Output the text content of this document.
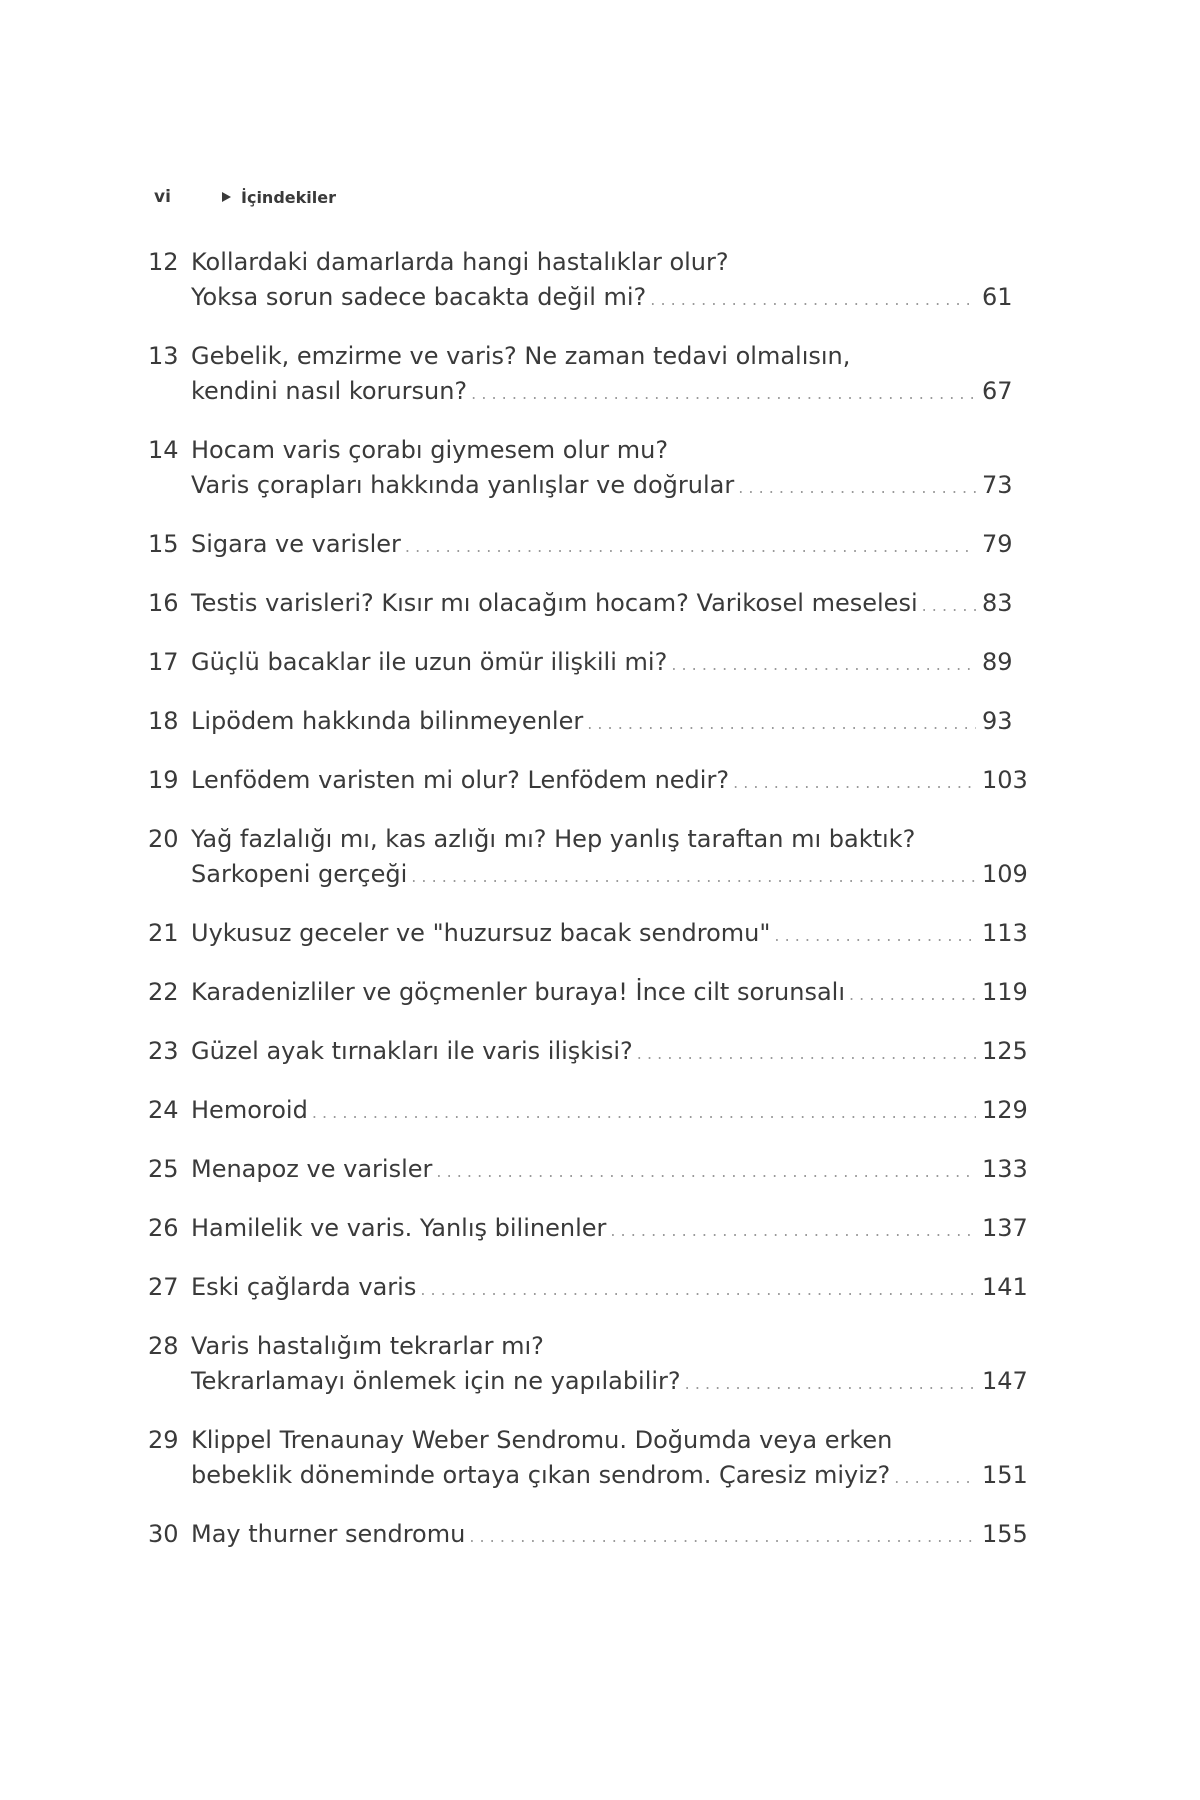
vi	İçindekiler
12 Kollardaki damarlarda hangi hastalıklar olur?
Yoksa sorun sadece bacakta değil mi? . . .	61
13 Gebelik, emzirme ve varis? Ne zaman tedavi olmalısın,
kendini nasıl korursun? . . .	67
14 Hocam varis çorabı giymesem olur mu?
Varis çorapları hakkında yanlışlar ve doğrular . . .	73
15 Sigara ve varisler . . .	79
16 Testis varisleri? Kısır mı olacağım hocam? Varikosel meselesi . . .	83
17 Güçlü bacaklar ile uzun ömür ilişkili mi? . . .	89
18 Lipödem hakkında bilinmeyenler . . .	93
19 Lenfödem varisten mi olur? Lenfödem nedir? . . .	103
20 Yağ fazlalığı mı, kas azlığı mı? Hep yanlış taraftan mı baktık?
Sarkopeni gerçeği . . .	109
21 Uykusuz geceler ve "huzursuz bacak sendromu" . . .	113
22 Karadenizliler ve göçmenler buraya! İnce cilt sorunsalı . . .	119
23 Güzel ayak tırnakları ile varis ilişkisi? . . .	125
24 Hemoroid . . .	129
25 Menapoz ve varisler . . .	133
26 Hamilelik ve varis. Yanlış bilinenler . . .	137
27 Eski çağlarda varis . . .	141
28 Varis hastalığım tekrarlar mı?
Tekrarlamayı önlemek için ne yapılabilir? . . .	147
29 Klippel Trenaunay Weber Sendromu. Doğumda veya erken
bebeklik döneminde ortaya çıkan sendrom. Çaresiz miyiz? . . .	151
30 May thurner sendromu . . .	155
